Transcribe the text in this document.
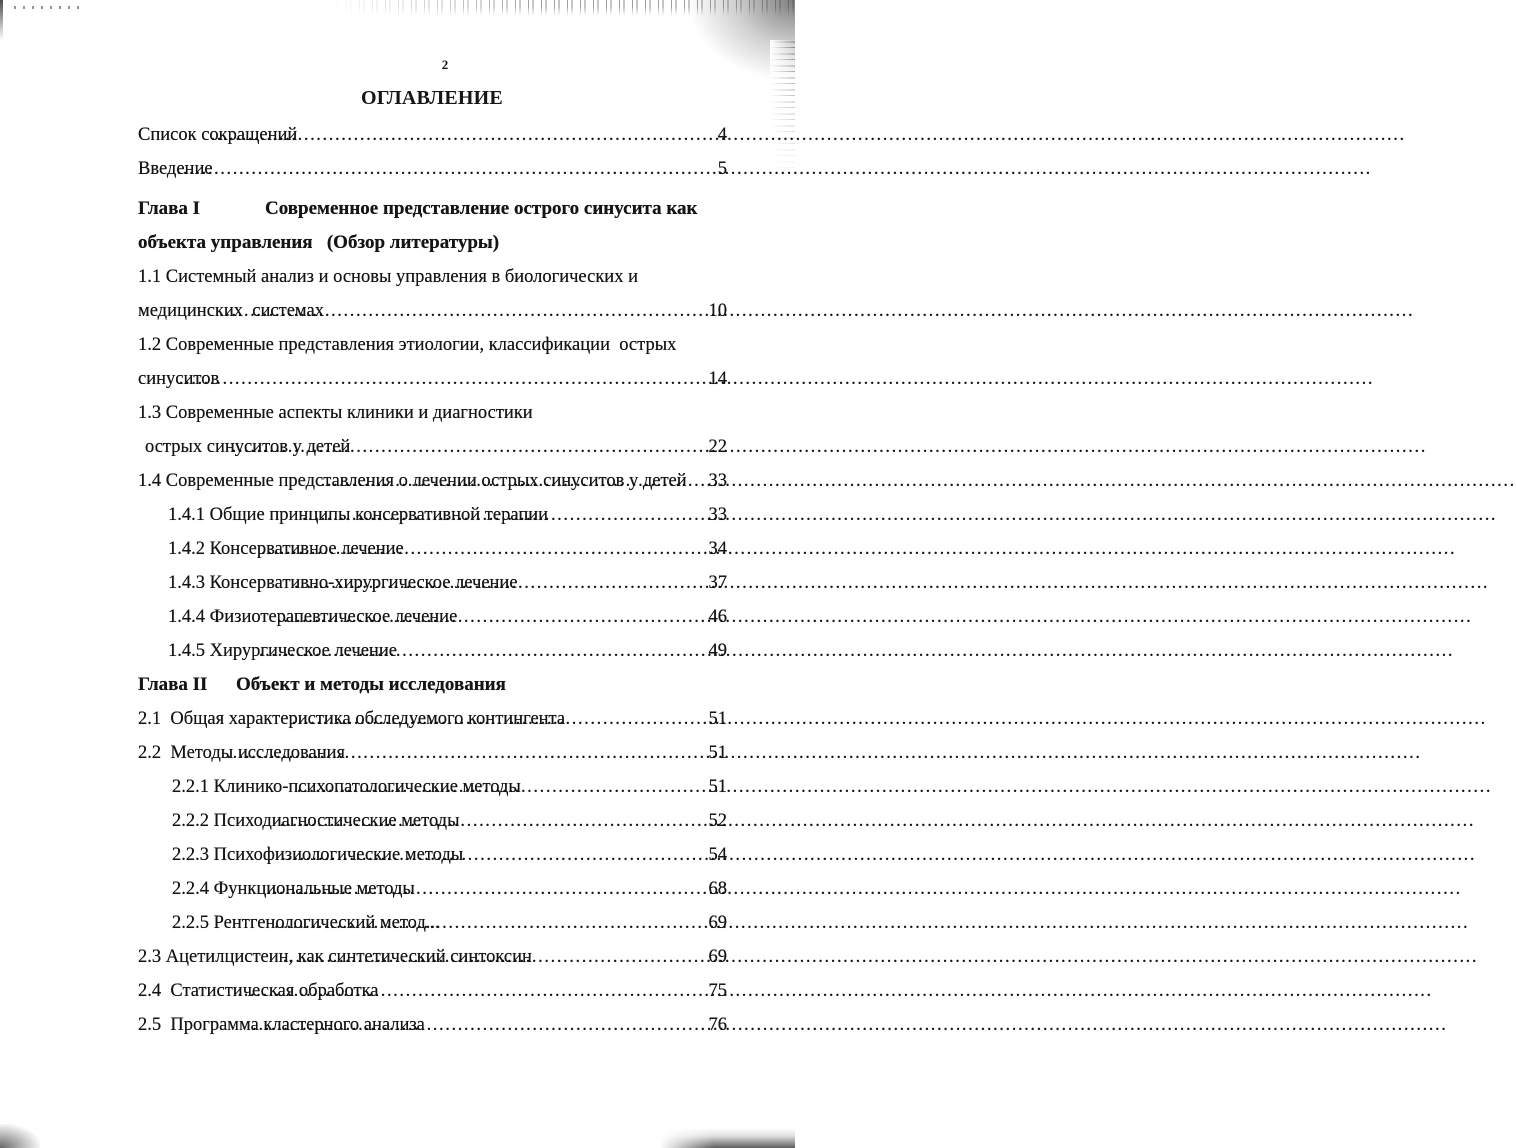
2
ОГЛАВЛЕНИЕ
Список сокращений .....	4
Введение .....	5
Глава I	Современное представление острого синусита как
объекта управления   (Обзор литературы)
1.1 Системный анализ и основы управления в биологических и
медицинских  системах .....	10
1.2 Современные представления этиологии, классификации  острых
синуситов .....	14
1.3 Современные аспекты клиники и диагностики
острых синуситов у детей .....	22
1.4 Современные представления о лечении острых синуситов у детей ..... 33
1.4.1 Общие принципы консервативной терапии .....	33
1.4.2 Консервативное лечение .....	34
1.4.3 Консервативно-хирургическое лечение .....	37
1.4.4 Физиотерапевтическое лечение .....	46
1.4.5 Хирургическое лечение .....	49
Глава II	Объект и методы исследования
2.1  Общая характеристика обследуемого контингента .....	51
2.2  Методы исследования .....	51
2.2.1 Клинико-психопатологические методы .....	51
2.2.2 Психодиагностические методы .....	52
2.2.3 Психофизиологические методы .....	54
2.2.4 Функциональные методы .....	68
2.2.5 Рентгенологический метод... .....	69
2.3 Ацетилцистеин, как синтетический синтоксин .....	69
2.4  Статистическая обработка .....	75
2.5  Программа кластерного анализа .....	76
